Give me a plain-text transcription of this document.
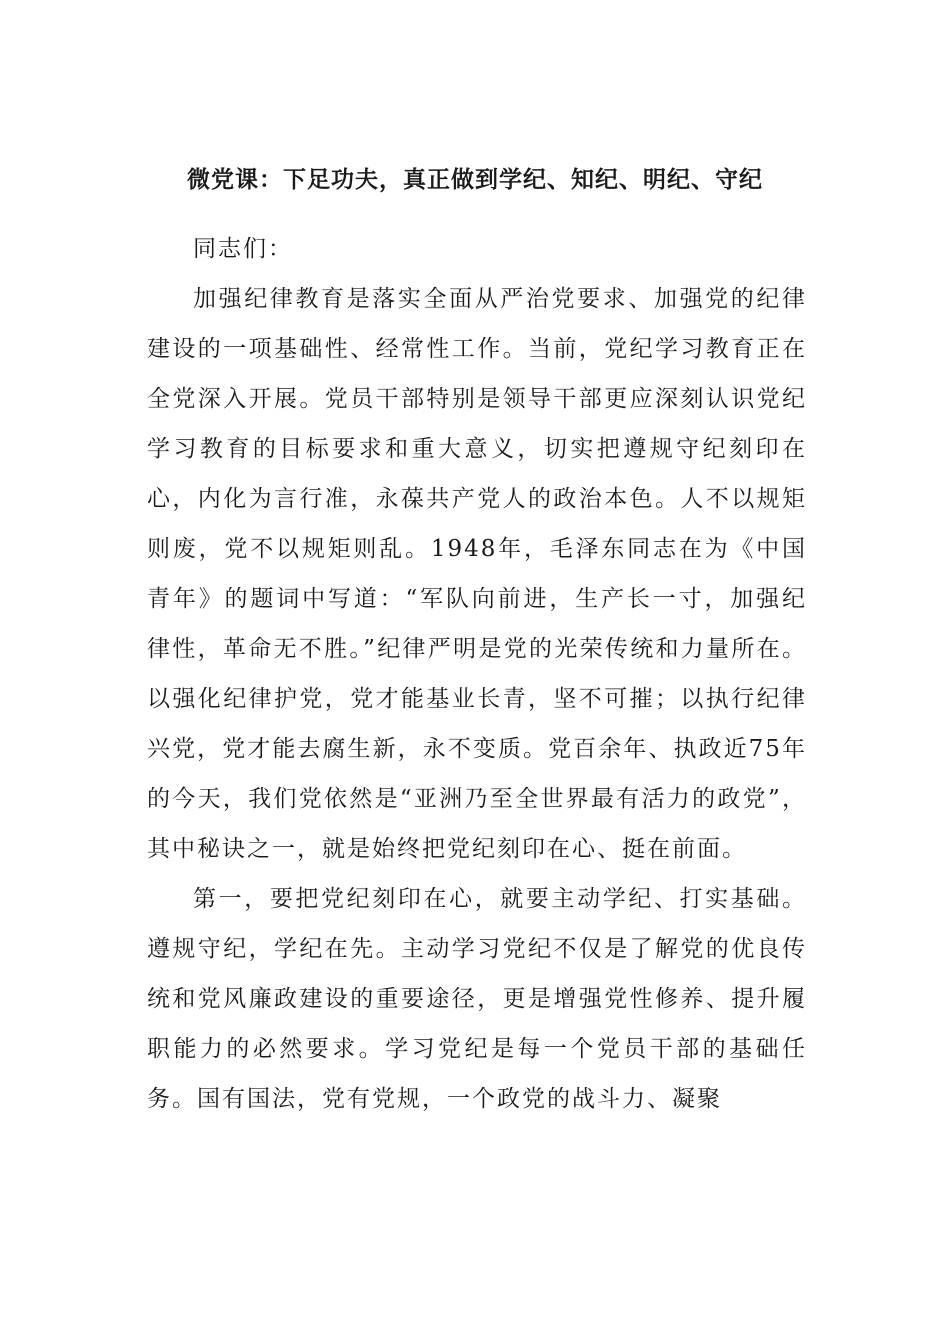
微党课：下足功夫，真正做到学纪、知纪、明纪、守纪

同志们：

加强纪律教育是落实全面从严治党要求、加强党的纪律建设的一项基础性、经常性工作。当前，党纪学习教育正在全党深入开展。党员干部特别是领导干部更应深刻认识党纪学习教育的目标要求和重大意义，切实把遵规守纪刻印在心，内化为言行准，永葆共产党人的政治本色。人不以规矩则废，党不以规矩则乱。1948年，毛泽东同志在为《中国青年》的题词中写道：“军队向前进，生产长一寸，加强纪律性，革命无不胜。”纪律严明是党的光荣传统和力量所在。以强化纪律护党，党才能基业长青，坚不可摧；以执行纪律兴党，党才能去腐生新，永不变质。党百余年、执政近75年的今天，我们党依然是“亚洲乃至全世界最有活力的政党”，其中秘诀之一，就是始终把党纪刻印在心、挺在前面。

第一，要把党纪刻印在心，就要主动学纪、打实基础。遵规守纪，学纪在先。主动学习党纪不仅是了解党的优良传统和党风廉政建设的重要途径，更是增强党性修养、提升履职能力的必然要求。学习党纪是每一个党员干部的基础任务。国有国法，党有党规，一个政党的战斗力、凝聚
